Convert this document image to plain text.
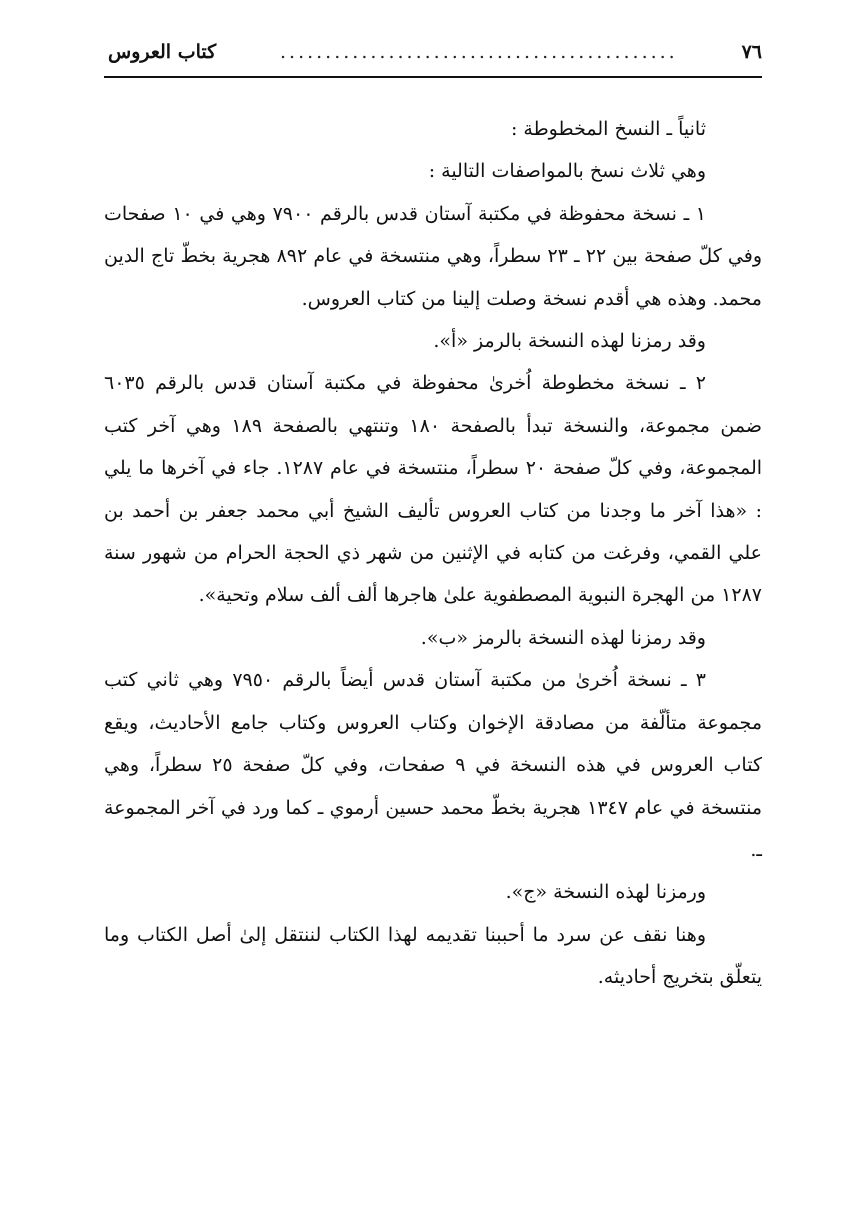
٧٦
............................................
كتاب العروس

ثانياً ـ النسخ المخطوطة :

وهي ثلاث نسخ بالمواصفات التالية :

١ ـ نسخة محفوظة في مكتبة آستان قدس بالرقم ٧٩٠٠ وهي في ١٠ صفحات وفي كلّ صفحة بين ٢٢ ـ ٢٣ سطراً، وهي منتسخة في عام ٨٩٢ هجرية بخطّ تاج الدين محمد. وهذه هي أقدم نسخة وصلت إلينا من كتاب العروس.

وقد رمزنا لهذه النسخة بالرمز «أ».

٢ ـ نسخة مخطوطة اُخرىٰ محفوظة في مكتبة آستان قدس بالرقم ٦٠٣٥ ضمن مجموعة، والنسخة تبدأ بالصفحة ١٨٠ وتنتهي بالصفحة ١٨٩ وهي آخر كتب المجموعة، وفي كلّ صفحة ٢٠ سطراً، منتسخة في عام ١٢٨٧. جاء في آخرها ما يلي : «هذا آخر ما وجدنا من كتاب العروس تأليف الشيخ أبي محمد جعفر بن أحمد بن علي القمي، وفرغت من كتابه في الإثنين من شهر ذي الحجة الحرام من شهور سنة ١٢٨٧ من الهجرة النبوية المصطفوية علىٰ هاجرها ألف ألف سلام وتحية».

وقد رمزنا لهذه النسخة بالرمز «ب».

٣ ـ نسخة اُخرىٰ من مكتبة آستان قدس أيضاً بالرقم ٧٩٥٠ وهي ثاني كتب مجموعة متألّفة من مصادقة الإخوان وكتاب العروس وكتاب جامع الأحاديث، ويقع كتاب العروس في هذه النسخة في ٩ صفحات، وفي كلّ صفحة ٢٥ سطراً، وهي منتسخة في عام ١٣٤٧ هجرية بخطّ محمد حسين أرموي ـ كما ورد في آخر المجموعة ـ.

ورمزنا لهذه النسخة «ج».

وهنا نقف عن سرد ما أحببنا تقديمه لهذا الكتاب لننتقل إلىٰ أصل الكتاب وما يتعلّق بتخريج أحاديثه.
